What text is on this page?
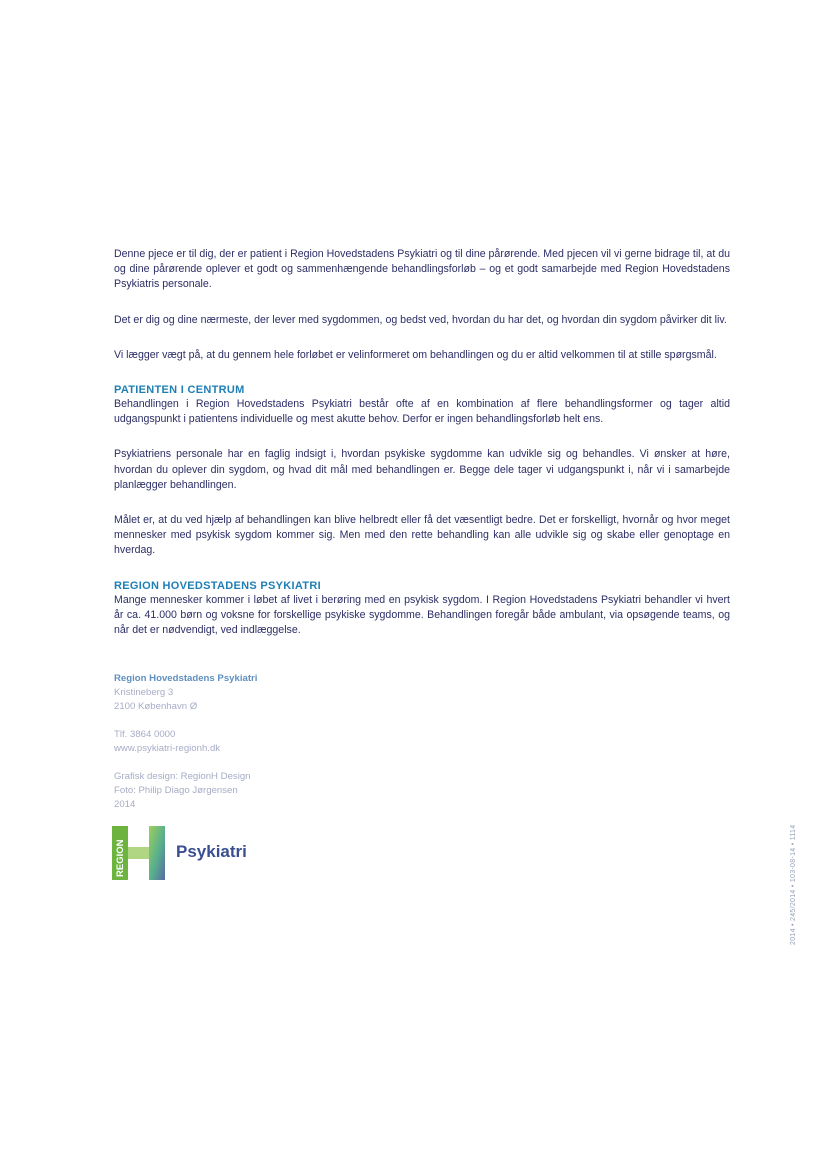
Denne pjece er til dig, der er patient i Region Hovedstadens Psykiatri og til dine pårørende. Med pjecen vil vi gerne bidrage til, at du og dine pårørende oplever et godt og sammenhængende behandlingsforløb – og et godt samarbejde med Region Hovedstadens Psykiatris personale.

Det er dig og dine nærmeste, der lever med sygdommen, og bedst ved, hvordan du har det, og hvordan din sygdom påvirker dit liv.

Vi lægger vægt på, at du gennem hele forløbet er velinformeret om behandlingen og du er altid velkommen til at stille spørgsmål.

PATIENTEN I CENTRUM

Behandlingen i Region Hovedstadens Psykiatri består ofte af en kombination af flere behandlingsformer og tager altid udgangspunkt i patientens individuelle og mest akutte behov. Derfor er ingen behandlingsforløb helt ens.

Psykiatriens personale har en faglig indsigt i, hvordan psykiske sygdomme kan udvikle sig og behandles. Vi ønsker at høre, hvordan du oplever din sygdom, og hvad dit mål med behandlingen er. Begge dele tager vi udgangspunkt i, når vi i samarbejde planlægger behandlingen.

Målet er, at du ved hjælp af behandlingen kan blive helbredt eller få det væsentligt bedre. Det er forskelligt, hvornår og hvor meget mennesker med psykisk sygdom kommer sig. Men med den rette behandling kan alle udvikle sig og skabe eller genoptage en hverdag.

REGION HOVEDSTADENS PSYKIATRI

Mange mennesker kommer i løbet af livet i berøring med en psykisk sygdom. I Region Hovedstadens Psykiatri behandler vi hvert år ca. 41.000 børn og voksne for forskellige psykiske sygdomme. Behandlingen foregår både ambulant, via opsøgende teams, og når det er nødvendigt, ved indlæggelse.

Region Hovedstadens Psykiatri
Kristineberg 3
2100 København Ø
Tlf. 3864 0000
www.psykiatri-regionh.dk
Grafisk design: RegionH Design
Foto: Philip Diago Jørgensen
2014
REGION	Psykiatri	2014 • 245/2014 • 103-08-14 • 1114
